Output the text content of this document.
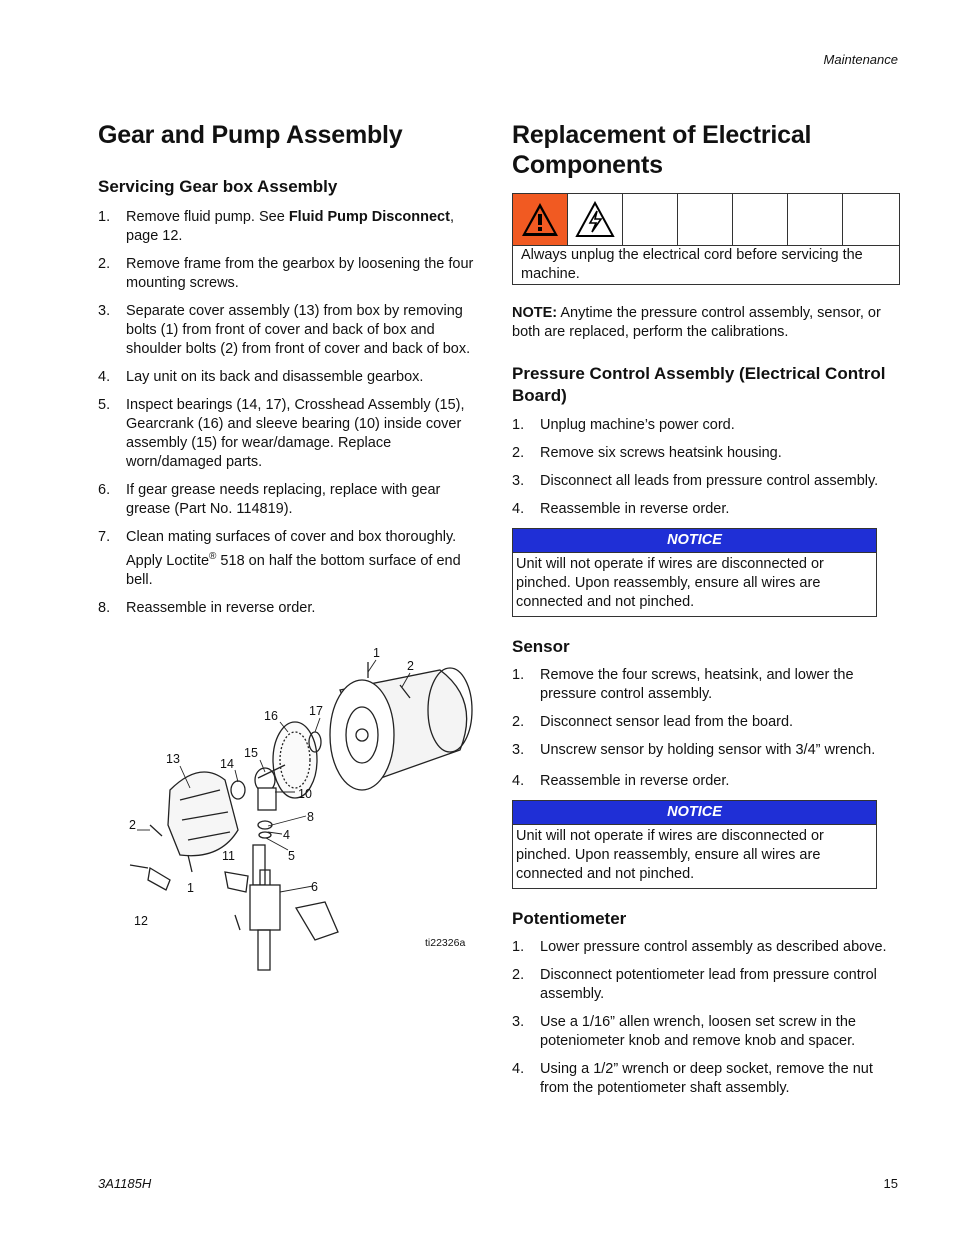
Maintenance
Gear and Pump Assembly
Servicing Gear box Assembly
1. Remove fluid pump. See Fluid Pump Disconnect, page 12.
2. Remove frame from the gearbox by loosening the four mounting screws.
3. Separate cover assembly (13) from box by removing bolts (1) from front of cover and back of box and shoulder bolts (2) from front of cover and back of box.
4. Lay unit on its back and disassemble gearbox.
5. Inspect bearings (14, 17), Crosshead Assembly (15), Gearcrank (16) and sleeve bearing (10) inside cover assembly (15) for wear/damage. Replace worn/damaged parts.
6. If gear grease needs replacing, replace with gear grease (Part No. 114819).
7. Clean mating surfaces of cover and box thoroughly. Apply Loctite® 518 on half the bottom surface of end bell.
8. Reassemble in reverse order.
1
2
16 17
15
13	14
10
8
2
4
11	5
1	6
12
ti22326a
Replacement of Electrical
Components
Always unplug the electrical cord before servicing the machine.

NOTE: Anytime the pressure control assembly, sensor, or both are replaced, perform the calibrations.

Pressure Control Assembly (Electrical Control Board)
1. Unplug machine’s power cord.
2. Remove six screws heatsink housing.
3. Disconnect all leads from pressure control assembly.
4. Reassemble in reverse order.
NOTICE
Unit will not operate if wires are disconnected or pinched. Upon reassembly, ensure all wires are connected and not pinched.
Sensor
1. Remove the four screws, heatsink, and lower the pressure control assembly.
2. Disconnect sensor lead from the board.
3. Unscrew sensor by holding sensor with 3/4” wrench.
4. Reassemble in reverse order.
NOTICE
Unit will not operate if wires are disconnected or pinched. Upon reassembly, ensure all wires are connected and not pinched.
Potentiometer
1. Lower pressure control assembly as described above.
2. Disconnect potentiometer lead from pressure control assembly.
3. Use a 1/16” allen wrench, loosen set screw in the poteniometer knob and remove knob and spacer.
4. Using a 1/2” wrench or deep socket, remove the nut from the potentiometer shaft assembly.
3A1185H	15
